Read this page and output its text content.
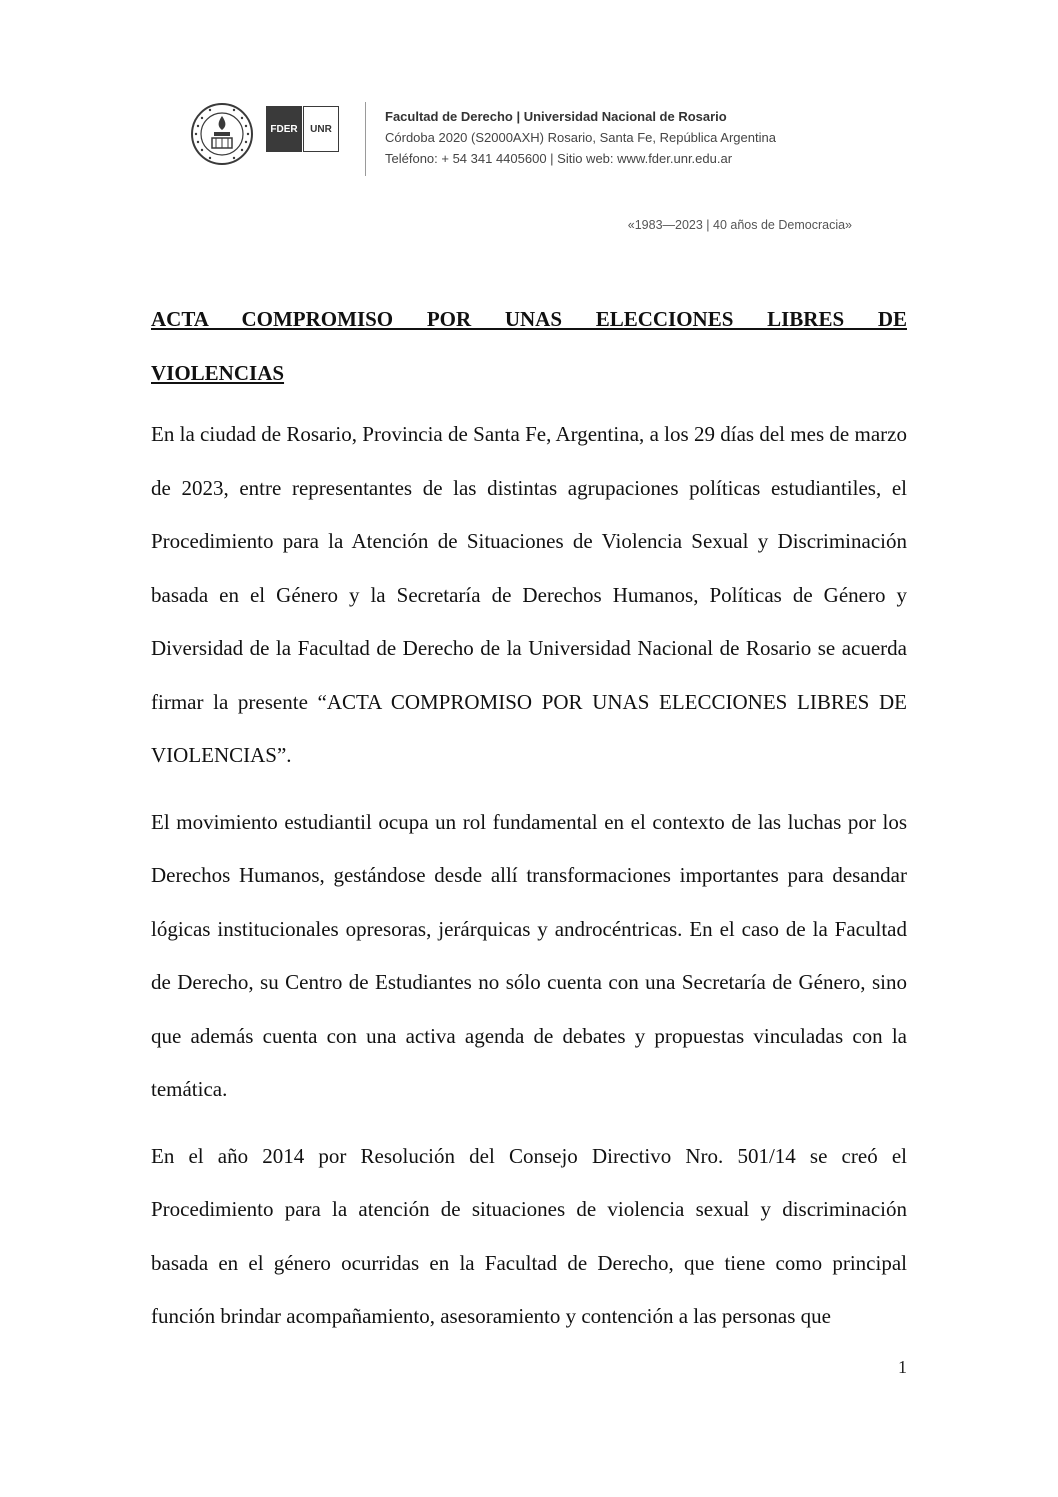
FDER	UNR
Facultad de Derecho | Universidad Nacional de Rosario
Córdoba 2020 (S2000AXH) Rosario, Santa Fe, República Argentina
Teléfono: + 54 341 4405600 | Sitio web: www.fder.unr.edu.ar
«1983—2023 | 40 años de Democracia»
ACTA COMPROMISO POR UNAS ELECCIONES LIBRES DE
VIOLENCIAS

En la ciudad de Rosario, Provincia de Santa Fe, Argentina, a los 29 días del mes de marzo de 2023, entre representantes de las distintas agrupaciones políticas estudiantiles, el Procedimiento para la Atención de Situaciones de Violencia Sexual y Discriminación basada en el Género y la Secretaría de Derechos Humanos, Políticas de Género y Diversidad de la Facultad de Derecho de la Universidad Nacional de Rosario se acuerda firmar la presente “ACTA COMPROMISO POR UNAS ELECCIONES LIBRES DE VIOLENCIAS”.

El movimiento estudiantil ocupa un rol fundamental en el contexto de las luchas por los Derechos Humanos, gestándose desde allí transformaciones importantes para desandar lógicas institucionales opresoras, jerárquicas y androcéntricas. En el caso de la Facultad de Derecho, su Centro de Estudiantes no sólo cuenta con una Secretaría de Género, sino que además cuenta con una activa agenda de debates y propuestas vinculadas con la temática.

En el año 2014 por Resolución del Consejo Directivo Nro. 501/14 se creó el Procedimiento para la atención de situaciones de violencia sexual y discriminación basada en el género ocurridas en la Facultad de Derecho, que tiene como principal función brindar acompañamiento, asesoramiento y contención a las personas que

1
